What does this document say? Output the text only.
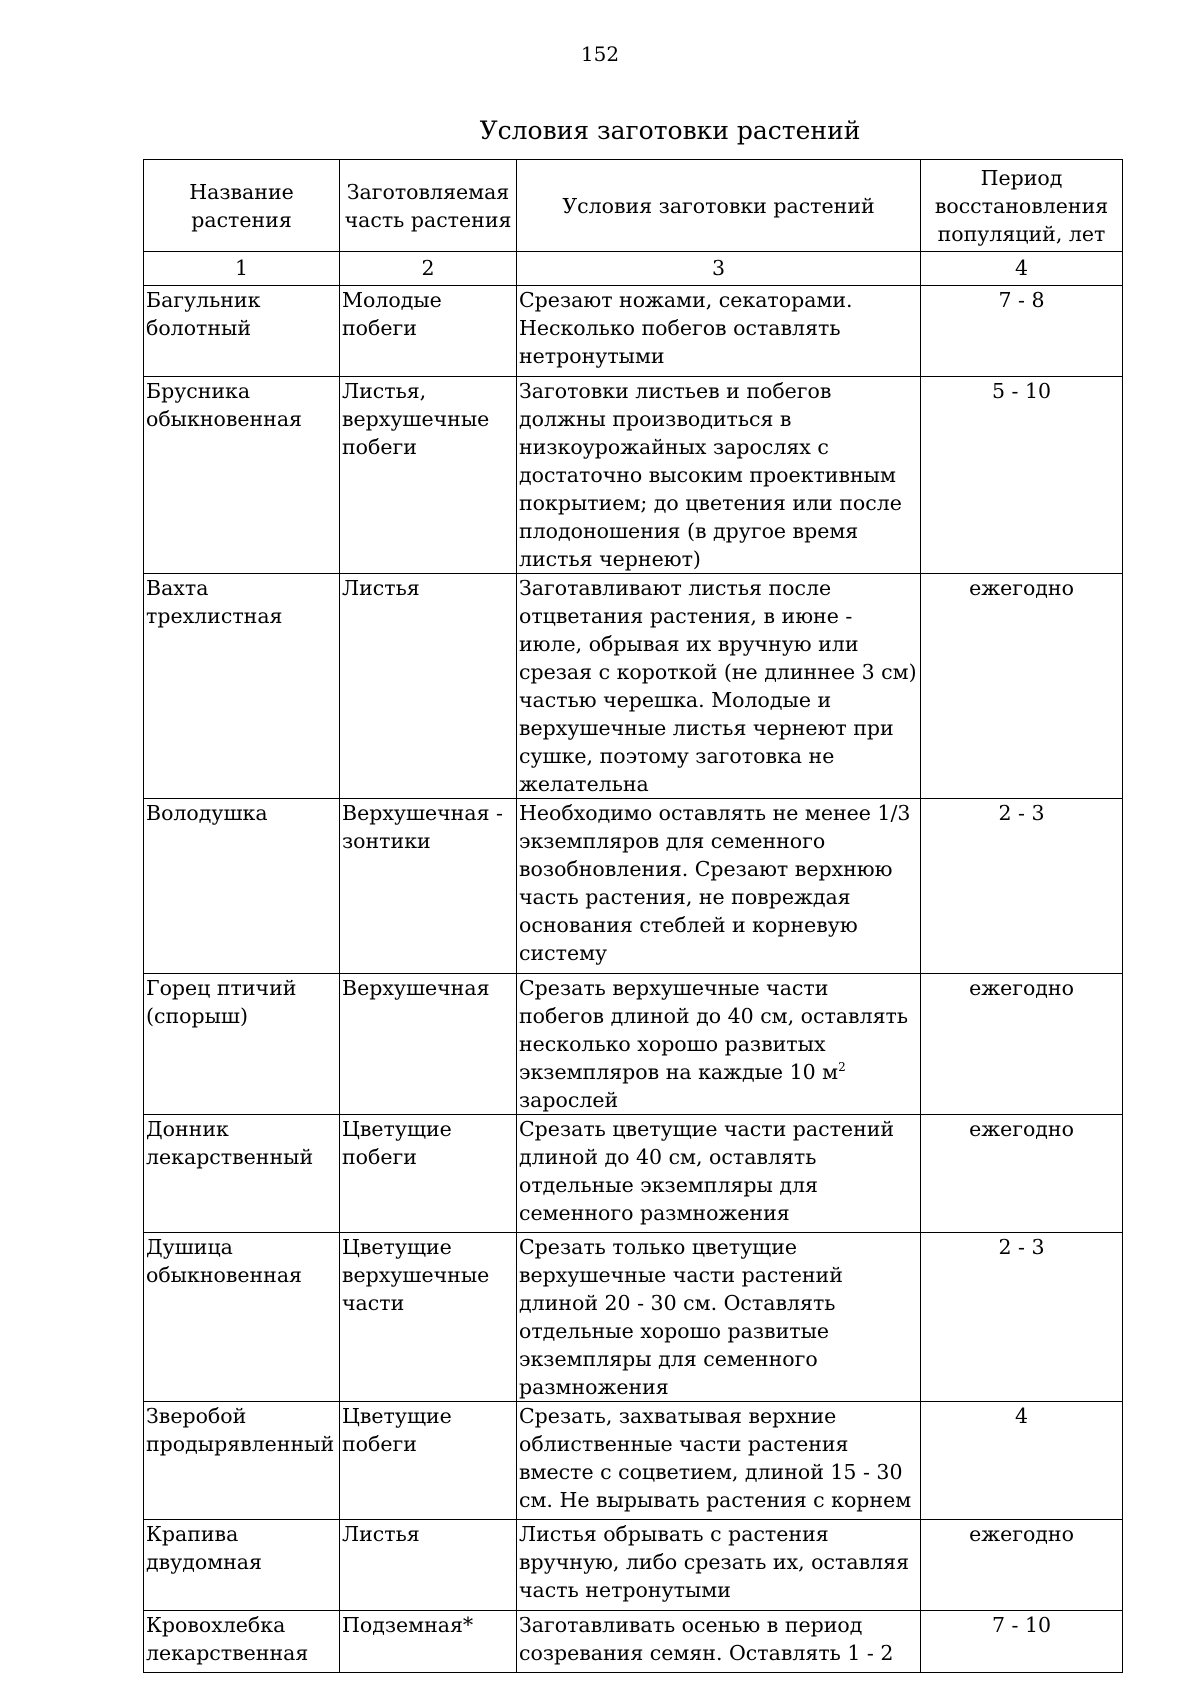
152
Условия заготовки растений
Название растения	Заготовляемая часть растения	Условия заготовки растений	Период восстановления популяций, лет
1	2	3	4
Багульник болотный	Молодые побеги	Срезают ножами, секаторами. Несколько побегов оставлять нетронутыми	7 - 8
Брусника обыкновенная	Листья, верхушечные побеги	Заготовки листьев и побегов должны производиться в низкоурожайных зарослях с достаточно высоким проективным покрытием; до цветения или после плодоношения (в другое время листья чернеют)	5 - 10
Вахта трехлистная	Листья	Заготавливают листья после отцветания растения, в июне - июле, обрывая их вручную или срезая с короткой (не длиннее 3 см) частью черешка. Молодые и верхушечные листья чернеют при сушке, поэтому заготовка не желательна	ежегодно
Володушка	Верхушечная - зонтики	Необходимо оставлять не менее 1/3 экземпляров для семенного возобновления. Срезают верхнюю часть растения, не повреждая основания стеблей и корневую систему	2 - 3
Горец птичий (спорыш)	Верхушечная	Срезать верхушечные части побегов длиной до 40 см, оставлять несколько хорошо развитых экземпляров на каждые 10 $м^2$ зарослей	ежегодно
Донник лекарственный	Цветущие побеги	Срезать цветущие части растений длиной до 40 см, оставлять отдельные экземпляры для семенного размножения	ежегодно
Душица обыкновенная	Цветущие верхушечные части	Срезать только цветущие верхушечные части растений длиной 20 - 30 см. Оставлять отдельные хорошо развитые экземпляры для семенного размножения	2 - 3
Зверобой продырявленный	Цветущие побеги	Срезать, захватывая верхние облиственные части растения вместе с соцветием, длиной 15 - 30 см. Не вырывать растения с корнем	4
Крапива двудомная	Листья	Листья обрывать с растения вручную, либо срезать их, оставляя часть нетронутыми	ежегодно
Кровохлебка лекарственная	Подземная*	Заготавливать осенью в период созревания семян. Оставлять 1 - 2	7 - 10
